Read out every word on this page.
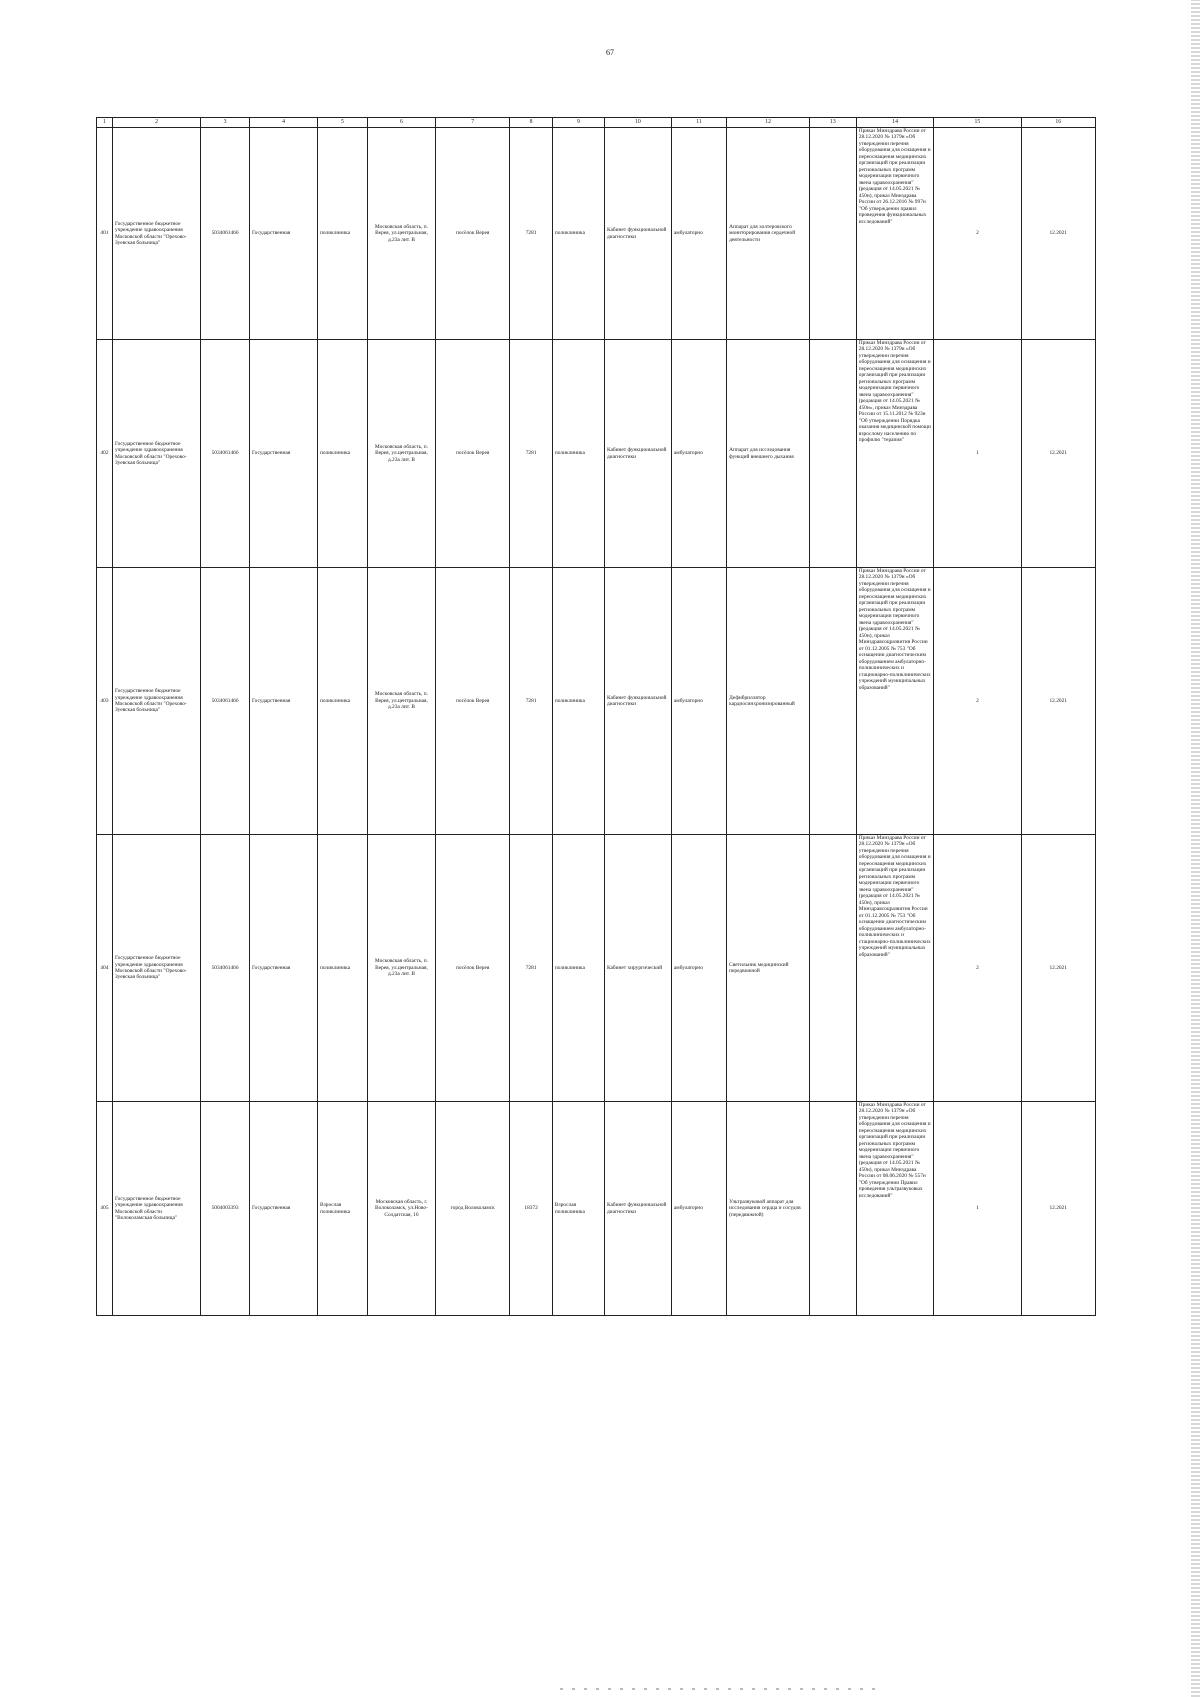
67
1	2	3	4	5	6	7	8	9	10	11	12	13	14	15	16
401	Государственное бюджетное учреждение здравоохранения Московской области "Орехово-Зуевская больница"	5034061466	Государственная	поликлиника	Московская область, п. Верея, ул.центральная, д.23а лит. В	посёлок Верея	7281	поликлиника	Кабинет функциональной диагностики	амбулаторно	Аппарат для холтеровского мониторирования сердечной деятельности		Приказ Минздрава России от 28.12.2020 № 1379н «Об утверждении перечня оборудования для оснащения и переоснащения медицинских организаций при реализации региональных программ модернизации первичного звена здравоохранения"(редакция от 14.05.2021 № 450н), приказ Минздрава России от 26.12.2016 № 997н "Об утверждении правил проведения функциональных исследований"	2	12.2021
402	Государственное бюджетное учреждение здравоохранения Московской области "Орехово-Зуевская больница"	5034061466	Государственная	поликлиника	Московская область, п. Верея, ул.центральная, д.23а лит. В	посёлок Верея	7281	поликлиника	Кабинет функциональной диагностики	амбулаторно	Аппарат для исследования функций внешнего дыхания		Приказ Минздрава России от 28.12.2020 № 1379н «Об утверждении перечня оборудования для оснащения и переоснащения медицинских организаций при реализации региональных программ модернизации первичного звена здравоохранения"(редакция от 14.05.2021 № 450н», приказ Минздрава России от 15.11.2012 № 923н "Об утверждении Порядка оказания медицинской помощи взрослому населению по профилю "терапия"	1	12.2021
403	Государственное бюджетное учреждение здравоохранения Московской области "Орехово-Зуевская больница"	5034061466	Государственная	поликлиника	Московская область, п. Верея, ул.центральная, д.23а лит. В	посёлок Верея	7281	поликлиника	Кабинет функциональной диагностики	амбулаторно	Дефибриллятор кардиосинхронизированный		Приказ Минздрава России от 28.12.2020 № 1379н «Об утверждении перечня оборудования для оснащения и переоснащения медицинских организаций при реализации региональных программ модернизации первичного звена здравоохранения"(редакция от 14.05.2021 № 450н), приказ Минздравсоцразвития России от 01.12.2005 № 753 "Об оснащении диагностическим оборудованием амбулаторно-поликлинических и стационарно-поликлинических учреждений муниципальных образований"	2	12.2021
404	Государственное бюджетное учреждение здравоохранения Московской области "Орехово-Зуевская больница"	5034061466	Государственная	поликлиника	Московская область, п. Верея, ул.центральная, д.23а лит. В	посёлок Верея	7281	поликлиника	Кабинет хирургический	амбулаторно	Светильник медицинский передвижной		Приказ Минздрава России от 28.12.2020 № 1379н «Об утверждении перечня оборудования для оснащения и переоснащения медицинских организаций при реализации региональных программ модернизации первичного звена здравоохранения"(редакция от 14.05.2021 № 450н), приказ Минздравсоцразвития России от 01.12.2005 № 753 "Об оснащении диагностическим оборудованием амбулаторно-поликлинических и стационарно-поликлинических учреждений муниципальных образований"	2	12.2021
405	Государственное бюджетное учреждение здравоохранения Московской области "Волоколамская больница"	5004003393	Государственная	Взрослая поликлиника	Московская область, г. Волоколамск, ул.Ново-Солдатская, 16	город Волоколамск	18372	Взрослая поликлиника	Кабинет функциональной диагностики	амбулаторно	Ультразвуковой аппарат для исследования сердца и сосудов (передвижной)		Приказ Минздрава России от 28.12.2020 № 1379н «Об утверждении перечня оборудования для оснащения и переоснащения медицинских организаций при реализации региональных программ модернизации первичного звена здравоохранения"(редакция от 14.05.2021 № 450н), приказ Минздрава России от 08.06.2020 № 557н "Об утверждении Правил проведения ультразвуковых исследований"	1	12.2021
